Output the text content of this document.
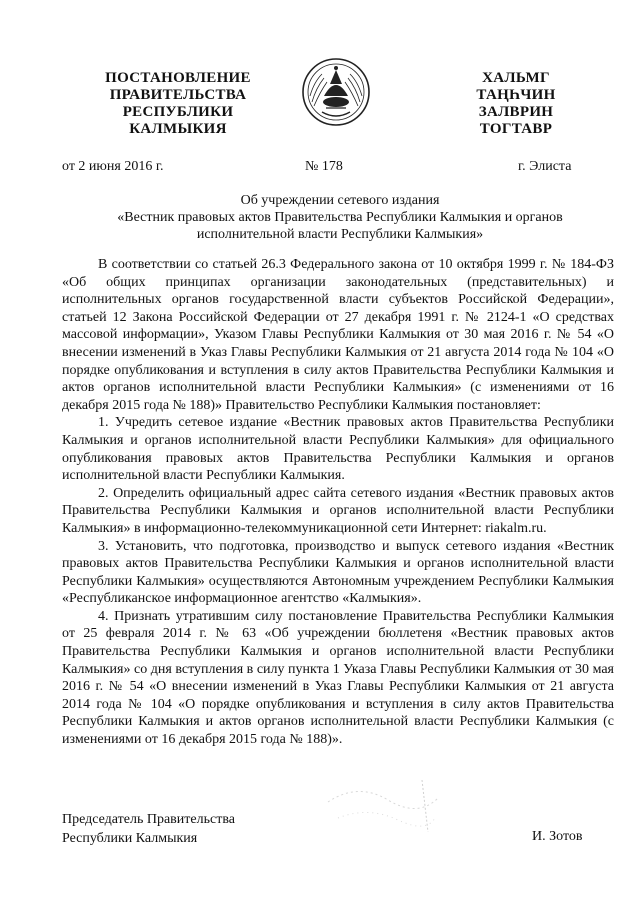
ПОСТАНОВЛЕНИЕ
ПРАВИТЕЛЬСТВА
РЕСПУБЛИКИ
КАЛМЫКИЯ
ХАЛЬМГ
ТАҢҺЧИН
ЗАЛВРИН
ТОГТАВР
от 2 июня 2016 г.	№ 178	г. Элиста
Об учреждении сетевого издания
«Вестник правовых актов Правительства Республики Калмыкия и органов
исполнительной власти Республики Калмыкия»

В соответствии со статьей 26.3 Федерального закона от 10 октября 1999 г. № 184-ФЗ «Об общих принципах организации законодательных (представительных) и исполнительных органов государственной власти субъектов Российской Федерации», статьей 12 Закона Российской Федерации от 27 декабря 1991 г. № 2124-1 «О средствах массовой информации», Указом Главы Республики Калмыкия от 30 мая 2016 г. № 54 «О внесении изменений в Указ Главы Республики Калмыкия от 21 августа 2014 года № 104 «О порядке опубликования и вступления в силу актов Правительства Республики Калмыкия и актов органов исполнительной власти Республики Калмыкия» (с изменениями от 16 декабря 2015 года № 188)» Правительство Республики Калмыкия постановляет:

1. Учредить сетевое издание «Вестник правовых актов Правительства Республики Калмыкия и органов исполнительной власти Республики Калмыкия» для официального опубликования правовых актов Правительства Республики Калмыкия и органов исполнительной власти Республики Калмыкия.

2. Определить официальный адрес сайта сетевого издания «Вестник правовых актов Правительства Республики Калмыкия и органов исполнительной власти Республики Калмыкия» в информационно-телекоммуникационной сети Интернет: riakalm.ru.

3. Установить, что подготовка, производство и выпуск сетевого издания «Вестник правовых актов Правительства Республики Калмыкия и органов исполнительной власти Республики Калмыкия» осуществляются Автономным учреждением Республики Калмыкия «Республиканское информационное агентство «Калмыкия».

4. Признать утратившим силу постановление Правительства Республики Калмыкия от 25 февраля 2014 г. № 63 «Об учреждении бюллетеня «Вестник правовых актов Правительства Республики Калмыкия и органов исполнительной власти Республики Калмыкия» со дня вступления в силу пункта 1 Указа Главы Республики Калмыкия от 30 мая 2016 г. № 54 «О внесении изменений в Указ Главы Республики Калмыкия от 21 августа 2014 года № 104 «О порядке опубликования и вступления в силу актов Правительства Республики Калмыкия и актов органов исполнительной власти Республики Калмыкия (с изменениями от 16 декабря 2015 года № 188)».

Председатель Правительства
Республики Калмыкия	И. Зотов
